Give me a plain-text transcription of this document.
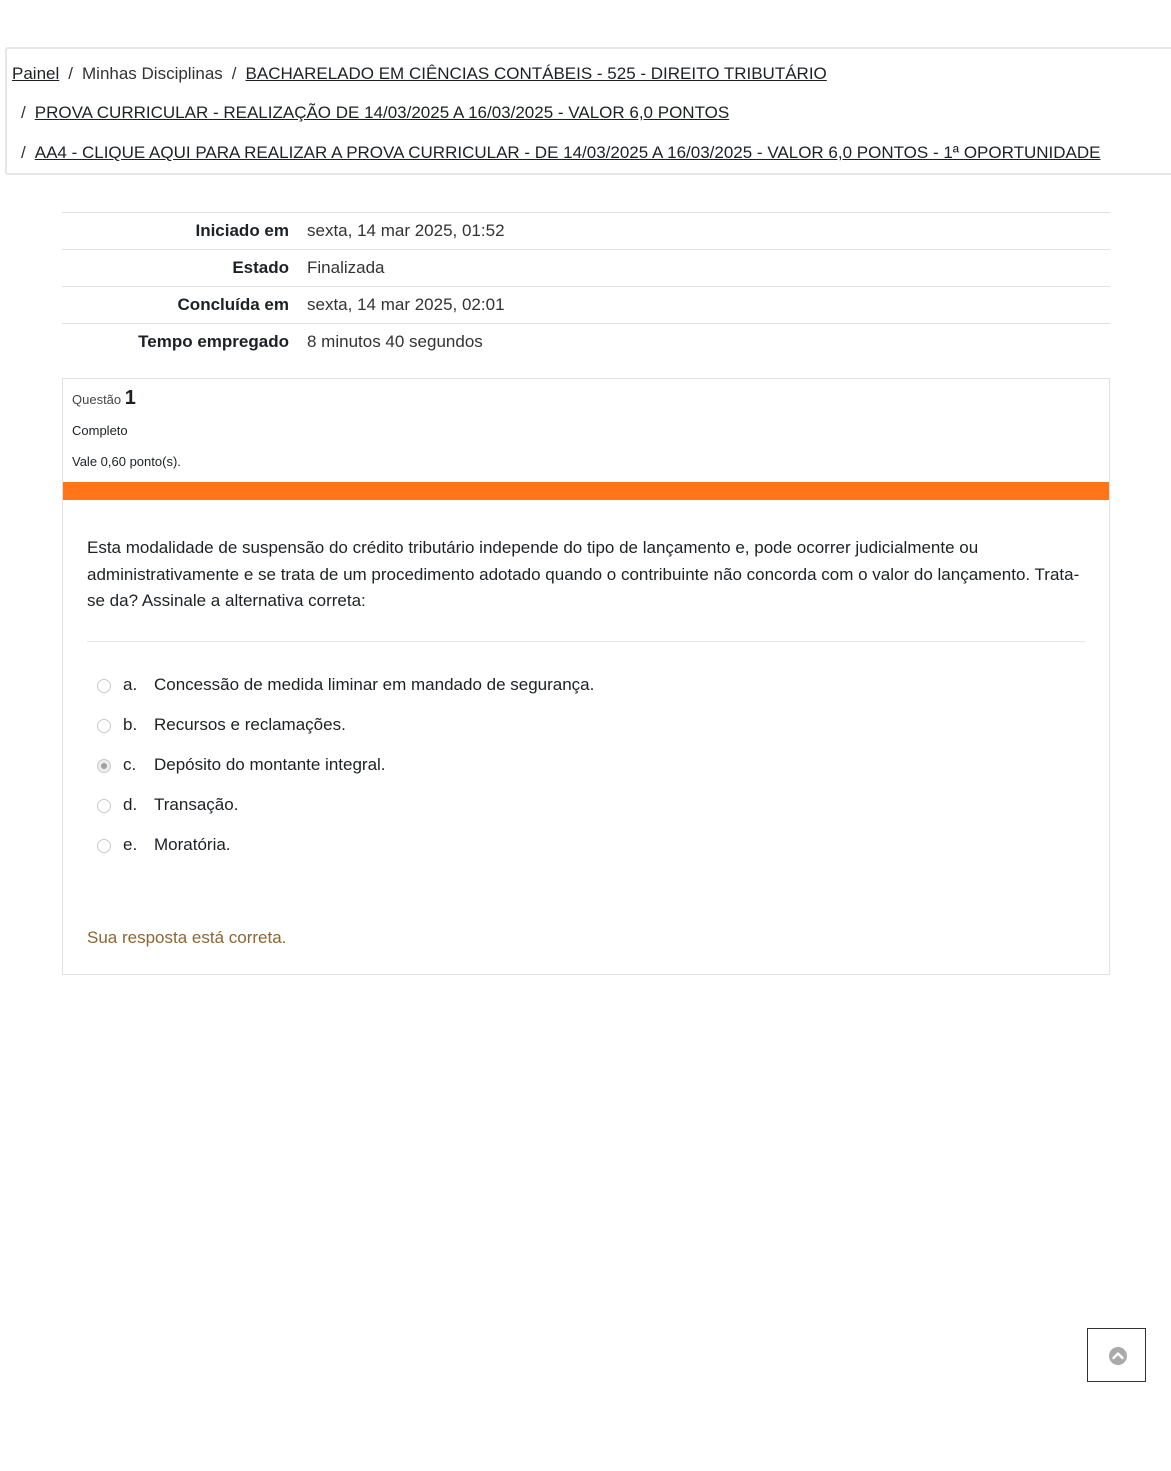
Painel / Minhas Disciplinas / BACHARELADO EM CIÊNCIAS CONTÁBEIS - 525 - DIREITO TRIBUTÁRIO
/ PROVA CURRICULAR - REALIZAÇÃO DE 14/03/2025 A 16/03/2025 - VALOR 6,0 PONTOS
/ AA4 - CLIQUE AQUI PARA REALIZAR A PROVA CURRICULAR - DE 14/03/2025 A 16/03/2025 - VALOR 6,0 PONTOS - 1ª OPORTUNIDADE
Iniciado em	sexta, 14 mar 2025, 01:52
Estado	Finalizada
Concluída em	sexta, 14 mar 2025, 02:01
Tempo empregado	8 minutos 40 segundos
Questão 1
Completo
Vale 0,60 ponto(s).
Esta modalidade de suspensão do crédito tributário independe do tipo de lançamento e, pode ocorrer judicialmente ou administrativamente e se trata de um procedimento adotado quando o contribuinte não concorda com o valor do lançamento. Trata-se da? Assinale a alternativa correta:
a. Concessão de medida liminar em mandado de segurança.
b. Recursos e reclamações.
c. Depósito do montante integral.
d. Transação.
e. Moratória.
Sua resposta está correta.
